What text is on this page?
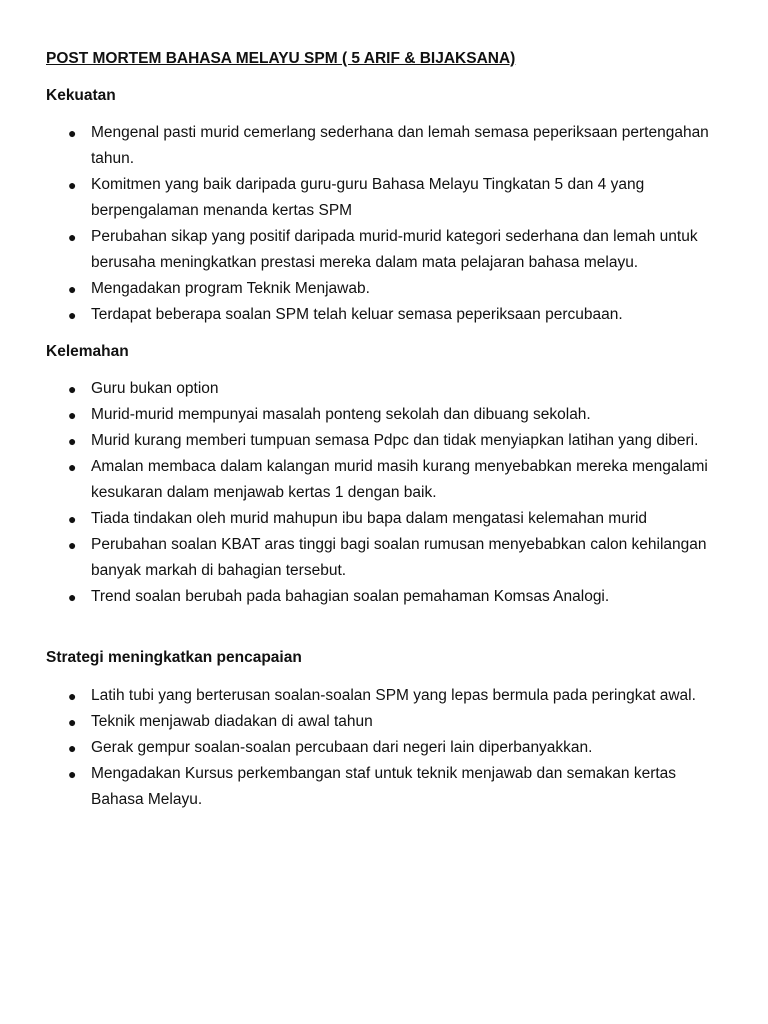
POST MORTEM BAHASA MELAYU SPM ( 5 ARIF & BIJAKSANA)
Kekuatan
● Mengenal pasti murid cemerlang sederhana dan lemah semasa peperiksaan pertengahan tahun.
● Komitmen yang baik daripada guru-guru Bahasa Melayu Tingkatan 5 dan 4 yang berpengalaman menanda kertas SPM
● Perubahan sikap yang positif daripada murid-murid kategori sederhana dan lemah untuk berusaha meningkatkan prestasi mereka dalam mata pelajaran bahasa melayu.
● Mengadakan program Teknik Menjawab.
● Terdapat beberapa soalan SPM telah keluar semasa peperiksaan percubaan.
Kelemahan
● Guru bukan option
● Murid-murid mempunyai masalah ponteng sekolah dan dibuang sekolah.
● Murid kurang memberi tumpuan semasa Pdpc dan tidak menyiapkan latihan yang diberi.
● Amalan membaca dalam kalangan murid masih kurang menyebabkan mereka mengalami kesukaran dalam menjawab kertas 1 dengan baik.
● Tiada tindakan oleh murid mahupun ibu bapa dalam mengatasi kelemahan murid
● Perubahan soalan KBAT aras tinggi bagi soalan rumusan menyebabkan calon kehilangan banyak markah di bahagian tersebut.
● Trend soalan berubah pada bahagian soalan pemahaman Komsas Analogi.
Strategi meningkatkan pencapaian
● Latih tubi yang berterusan soalan-soalan SPM yang lepas bermula pada peringkat awal.
● Teknik menjawab diadakan di awal tahun
● Gerak gempur soalan-soalan percubaan dari negeri lain diperbanyakkan.
● Mengadakan Kursus perkembangan staf untuk teknik menjawab dan semakan kertas Bahasa Melayu.
